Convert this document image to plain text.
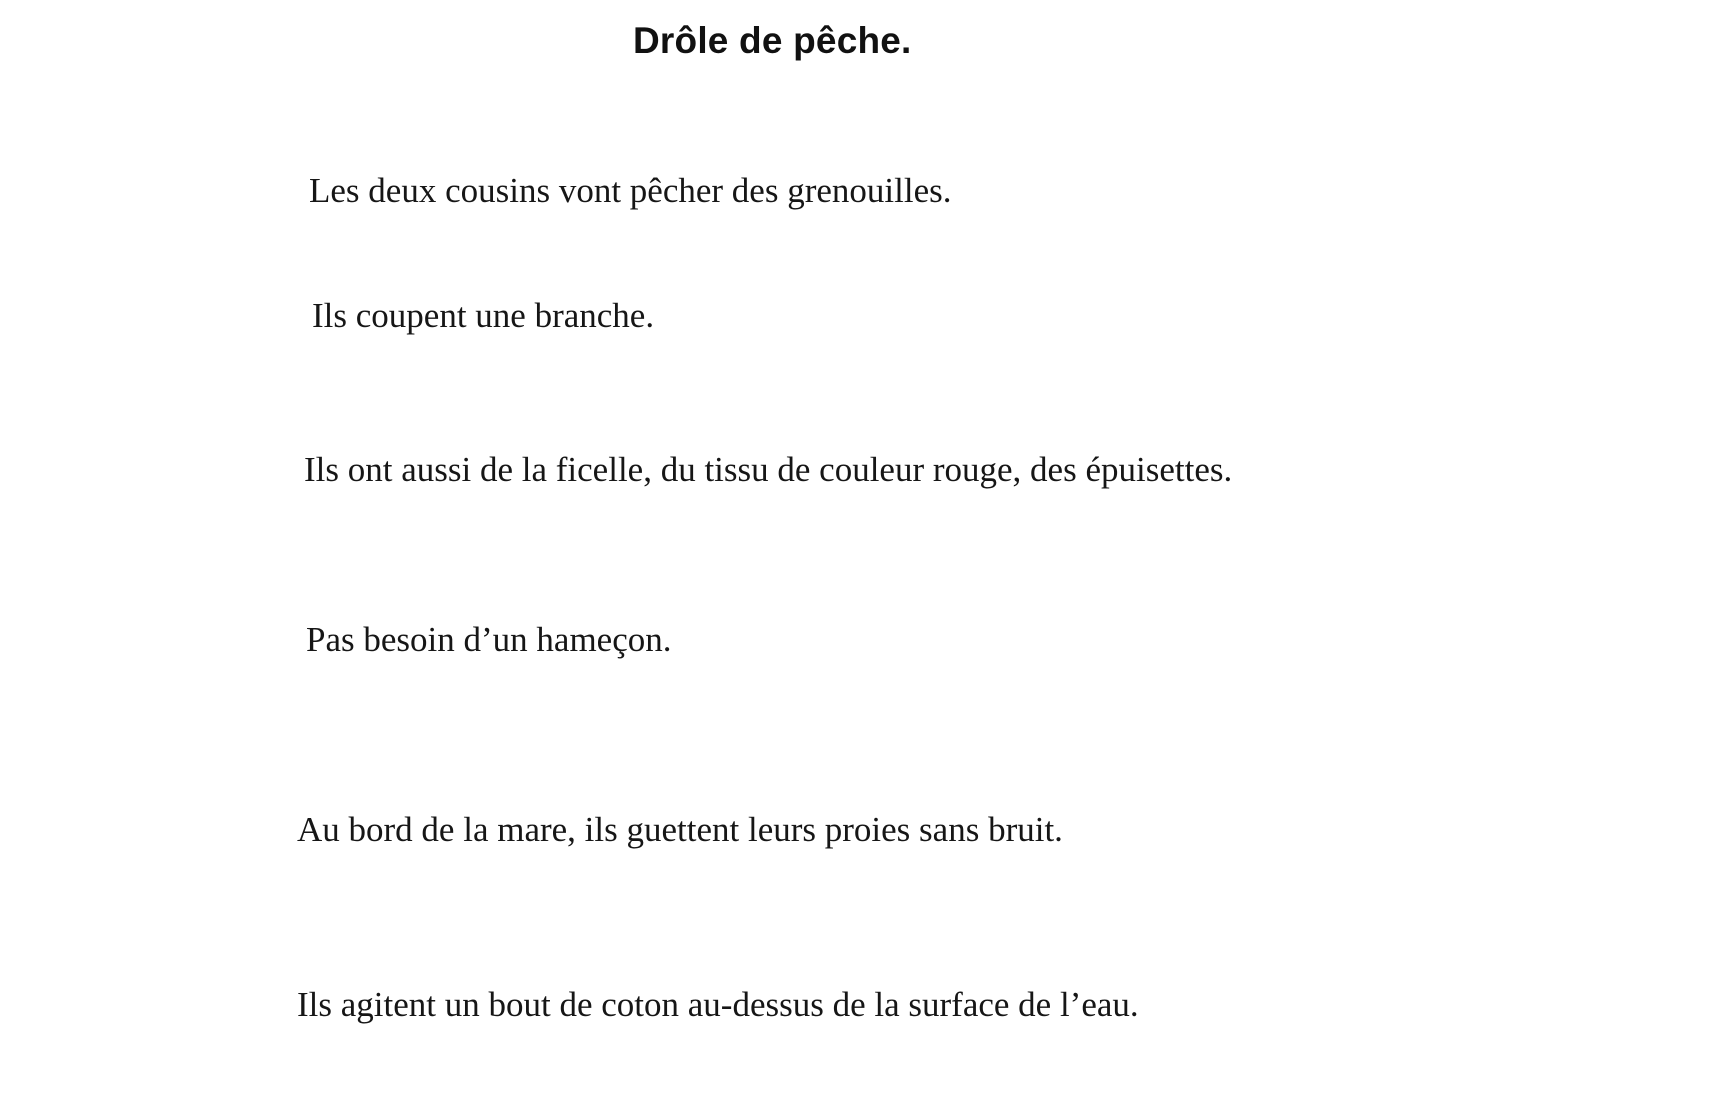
Drôle de pêche.
Les deux cousins vont pêcher des grenouilles.
Ils coupent une branche.
Ils ont aussi de la ficelle, du tissu de couleur rouge, des épuisettes.
Pas besoin d’un hameçon.
Au bord de la mare, ils guettent leurs proies sans bruit.
Ils agitent un bout de coton au-dessus de la surface de l’eau.
